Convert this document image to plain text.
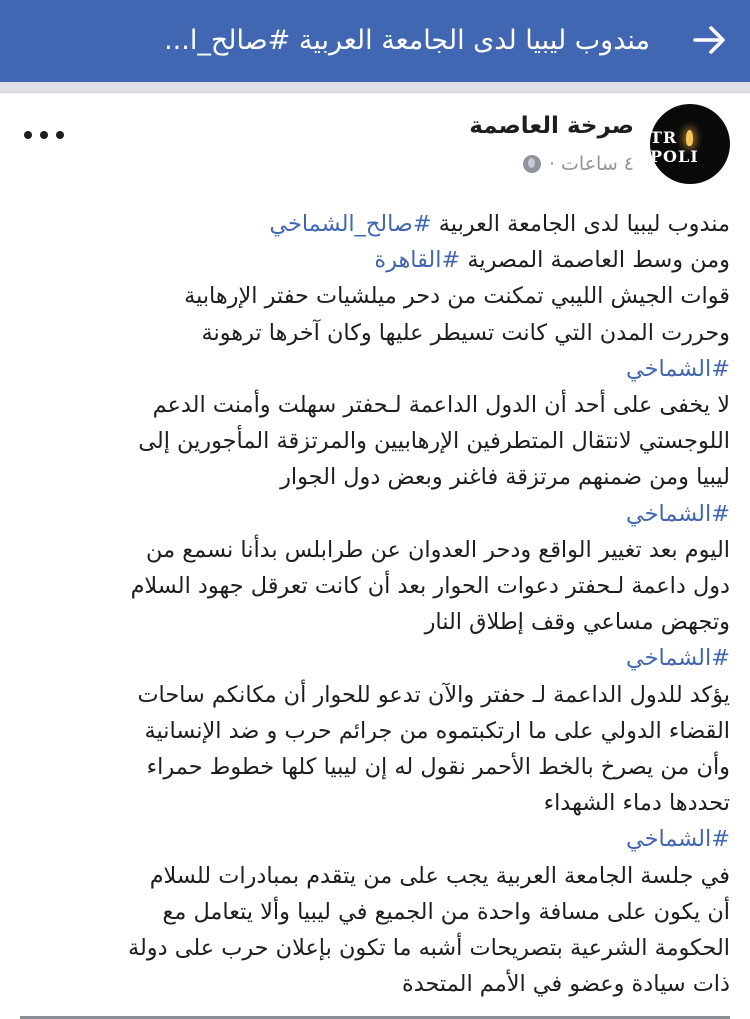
مندوب ليبيا لدى الجامعة العربية #صالح_ا...
TR POLI
صرخة العاصمة
٤ ساعات ·
مندوب ليبيا لدى الجامعة العربية #صالح_الشماخي
ومن وسط العاصمة المصرية #القاهرة
قوات الجيش الليبي تمكنت من دحر ميلشيات حفتر الإرهابية
وحررت المدن التي كانت تسيطر عليها وكان آخرها ترهونة
#الشماخي
لا يخفى على أحد أن الدول الداعمة لـحفتر سهلت وأمنت الدعم
اللوجستي لانتقال المتطرفين الإرهابيين والمرتزقة المأجورين إلى
ليبيا ومن ضمنهم مرتزقة فاغنر وبعض دول الجوار
#الشماخي
اليوم بعد تغيير الواقع ودحر العدوان عن طرابلس بدأنا نسمع من
دول داعمة لـحفتر دعوات الحوار بعد أن كانت تعرقل جهود السلام
وتجهض مساعي وقف إطلاق النار
#الشماخي
يؤكد للدول الداعمة لـ حفتر والآن تدعو للحوار أن مكانكم ساحات
القضاء الدولي على ما ارتكبتموه من جرائم حرب و ضد الإنسانية
وأن من يصرخ بالخط الأحمر نقول له إن ليبيا كلها خطوط حمراء
تحددها دماء الشهداء
#الشماخي
في جلسة الجامعة العربية يجب على من يتقدم بمبادرات للسلام
أن يكون على مسافة واحدة من الجميع في ليبيا وألا يتعامل مع
الحكومة الشرعية بتصريحات أشبه ما تكون بإعلان حرب على دولة
ذات سيادة وعضو في الأمم المتحدة
